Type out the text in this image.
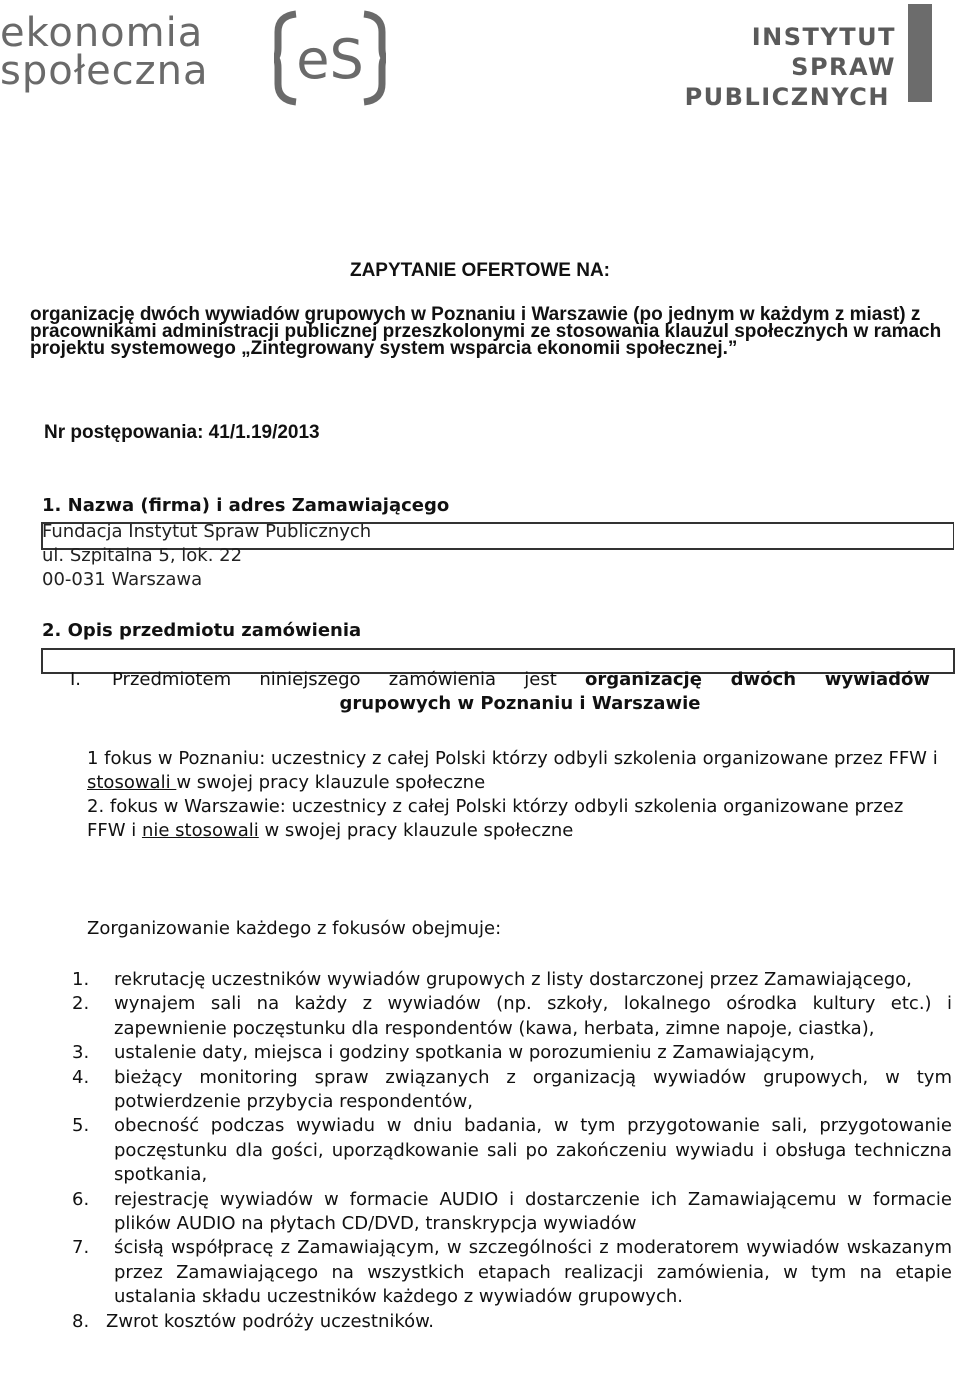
ekonomia
społeczna eS	INSTYTUT SPRAW
PUBLICZNYCH
ZAPYTANIE OFERTOWE NA:
organizację dwóch wywiadów grupowych w Poznaniu i Warszawie (po jednym w każdym z miast) z pracownikami administracji publicznej przeszkolonymi ze stosowania klauzul społecznych w ramach projektu systemowego „Zintegrowany system wsparcia ekonomii społecznej.”
Nr postępowania: 41/1.19/2013
1. Nazwa (firma) i adres Zamawiającego
Fundacja Instytut Spraw Publicznych
ul. Szpitalna 5, lok. 22
00-031 Warszawa
2. Opis przedmiotu zamówienia
I. Przedmiotem niniejszego zamówienia jest organizację dwóch wywiadów
grupowych w Poznaniu i Warszawie
1 fokus w Poznaniu: uczestnicy z całej Polski którzy odbyli szkolenia organizowane przez FFW i stosowali w swojej pracy klauzule społeczne
2. fokus w Warszawie: uczestnicy z całej Polski którzy odbyli szkolenia organizowane przez FFW i nie stosowali w swojej pracy klauzule społeczne
Zorganizowanie każdego z fokusów obejmuje:

1. rekrutację uczestników wywiadów grupowych z listy dostarczonej przez Zamawiającego,

2. wynajem sali na każdy z wywiadów (np. szkoły, lokalnego ośrodka kultury etc.) i zapewnienie poczęstunku dla respondentów (kawa, herbata, zimne napoje, ciastka),

3. ustalenie daty, miejsca i godziny spotkania w porozumieniu z Zamawiającym,

4. bieżący monitoring spraw związanych z organizacją wywiadów grupowych, w tym potwierdzenie przybycia respondentów,

5. obecność podczas wywiadu w dniu badania, w tym przygotowanie sali, przygotowanie poczęstunku dla gości, uporządkowanie sali po zakończeniu wywiadu i obsługa techniczna spotkania,

6. rejestrację wywiadów w formacie AUDIO i dostarczenie ich Zamawiającemu w formacie plików AUDIO na płytach CD/DVD, transkrypcja wywiadów

7. ścisłą współpracę z Zamawiającym, w szczególności z moderatorem wywiadów wskazanym przez Zamawiającego na wszystkich etapach realizacji zamówienia, w tym na etapie ustalania składu uczestników każdego z wywiadów grupowych.

8. Zwrot kosztów podróży uczestników.
